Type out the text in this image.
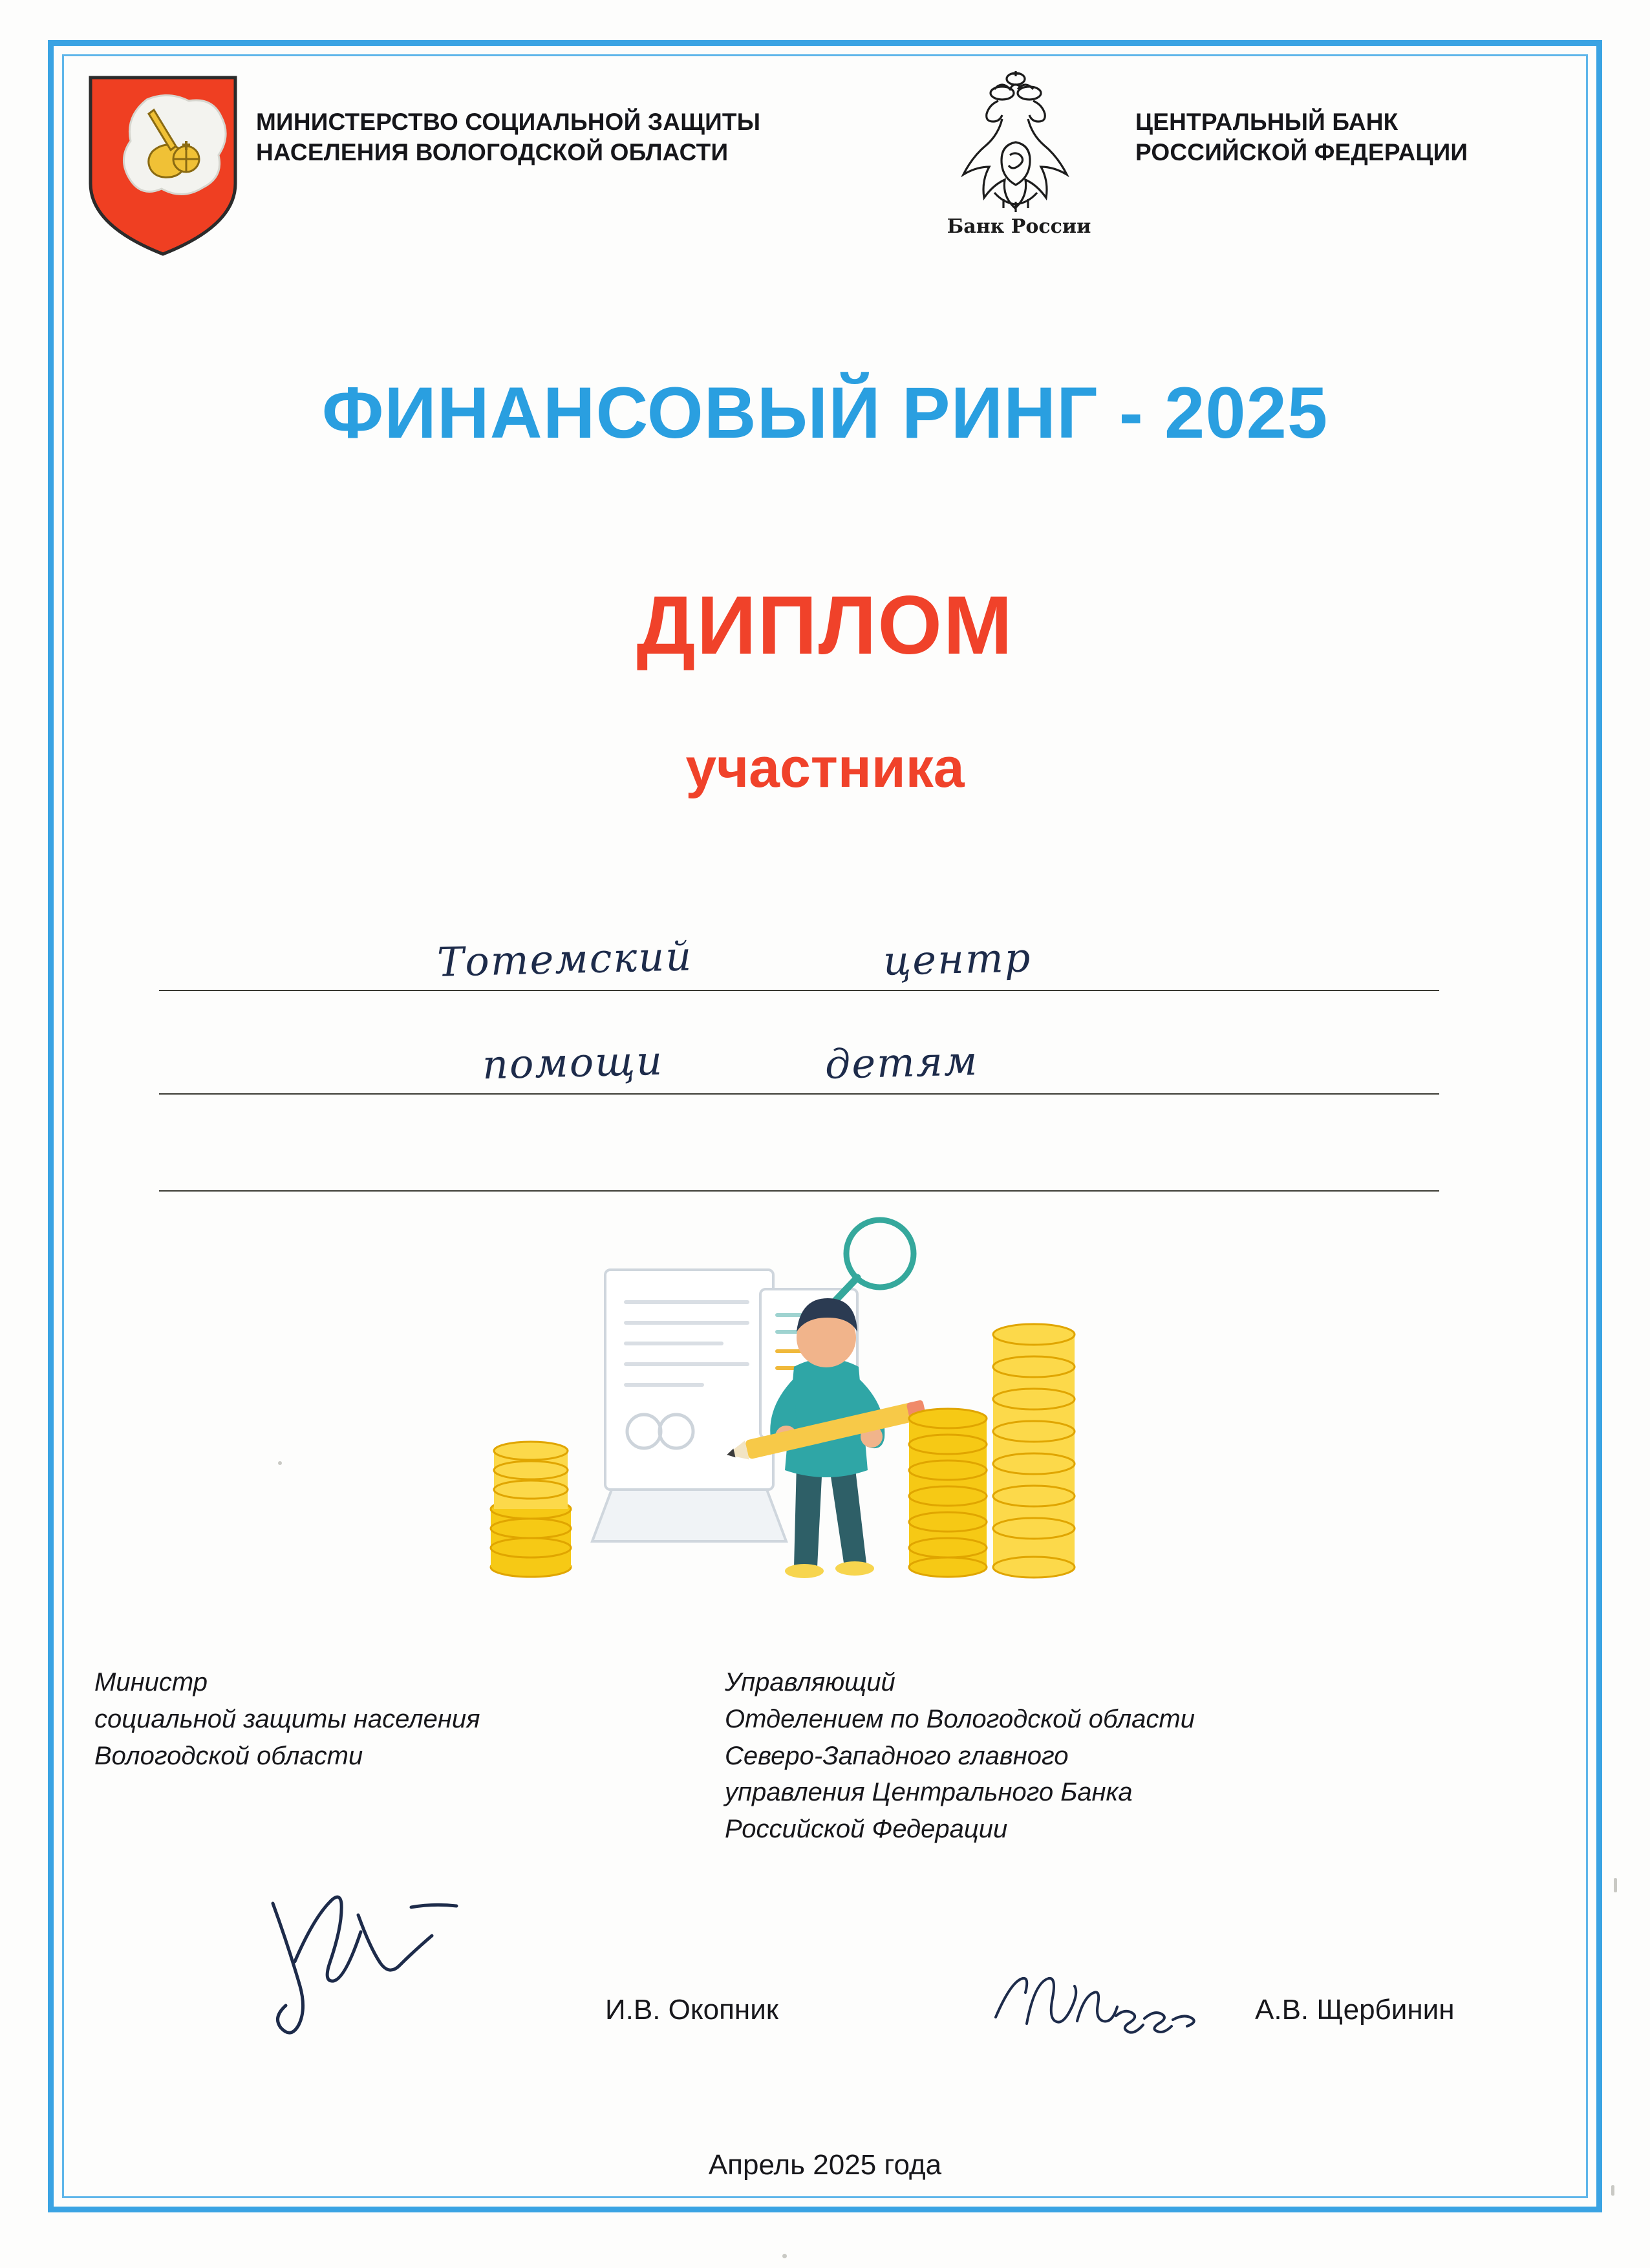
МИНИСТЕРСТВО СОЦИАЛЬНОЙ ЗАЩИТЫ
НАСЕЛЕНИЯ ВОЛОГОДСКОЙ ОБЛАСТИ
Банк России
ЦЕНТРАЛЬНЫЙ БАНК
РОССИЙСКОЙ ФЕДЕРАЦИИ
ФИНАНСОВЫЙ РИНГ - 2025
ДИПЛОМ
участника
Тотемский	центр
помощи	детям
Министр
социальной защиты населения
Вологодской области
Управляющий
Отделением по Вологодской области
Северо-Западного главного
управления Центрального Банка
Российской Федерации
И.В. Окопник	А.В. Щербинин
Апрель 2025 года
